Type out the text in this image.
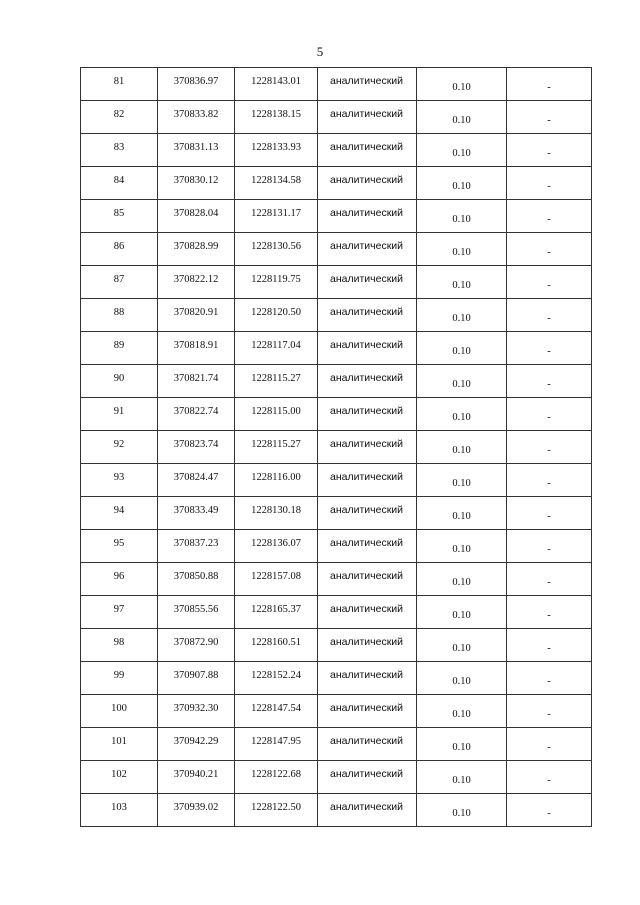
5
81	370836.97	1228143.01	аналитический	0.10	-
82	370833.82	1228138.15	аналитический	0.10	-
83	370831.13	1228133.93	аналитический	0.10	-
84	370830.12	1228134.58	аналитический	0.10	-
85	370828.04	1228131.17	аналитический	0.10	-
86	370828.99	1228130.56	аналитический	0.10	-
87	370822.12	1228119.75	аналитический	0.10	-
88	370820.91	1228120.50	аналитический	0.10	-
89	370818.91	1228117.04	аналитический	0.10	-
90	370821.74	1228115.27	аналитический	0.10	-
91	370822.74	1228115.00	аналитический	0.10	-
92	370823.74	1228115.27	аналитический	0.10	-
93	370824.47	1228116.00	аналитический	0.10	-
94	370833.49	1228130.18	аналитический	0.10	-
95	370837.23	1228136.07	аналитический	0.10	-
96	370850.88	1228157.08	аналитический	0.10	-
97	370855.56	1228165.37	аналитический	0.10	-
98	370872.90	1228160.51	аналитический	0.10	-
99	370907.88	1228152.24	аналитический	0.10	-
100	370932.30	1228147.54	аналитический	0.10	-
101	370942.29	1228147.95	аналитический	0.10	-
102	370940.21	1228122.68	аналитический	0.10	-
103	370939.02	1228122.50	аналитический	0.10	-
